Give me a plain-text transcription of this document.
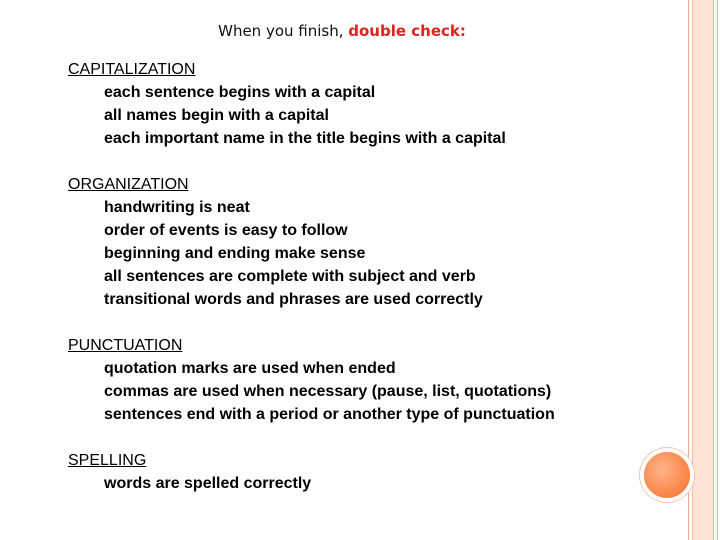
When you finish, double check:
CAPITALIZATION
each sentence begins with a capital
all names begin with a capital
each important name in the title begins with a capital
ORGANIZATION
handwriting is neat
order of events is easy to follow
beginning and ending make sense
all sentences are complete with subject and verb
transitional words and phrases are used correctly
PUNCTUATION
quotation marks are used when ended
commas are used when necessary (pause, list, quotations)
sentences end with a period or another type of punctuation
SPELLING
words are spelled correctly
